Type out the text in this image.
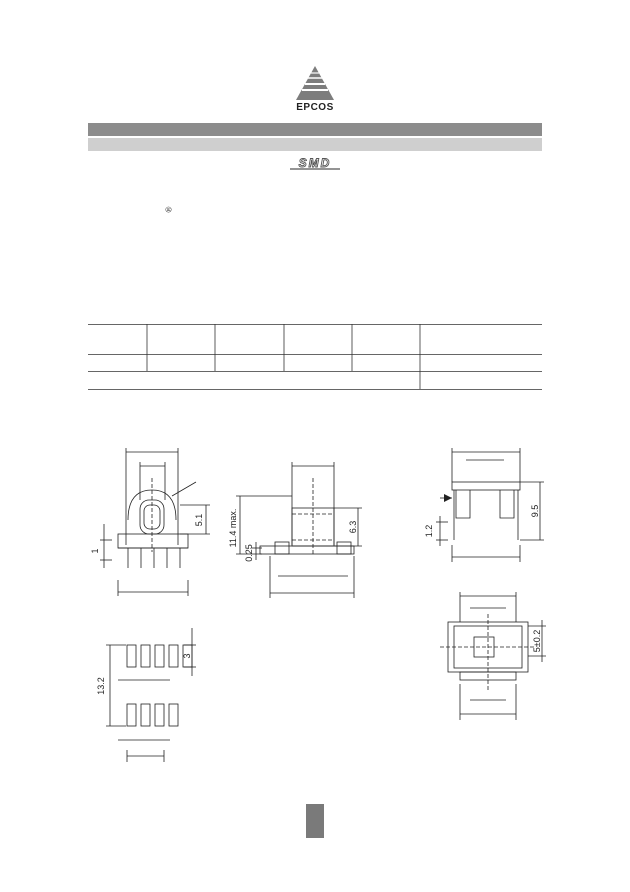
EPCOS
SMD
®
11.4 max.
0.25
1
5.1
6.3	1.2
9.5
13.2
3
5±0.2
